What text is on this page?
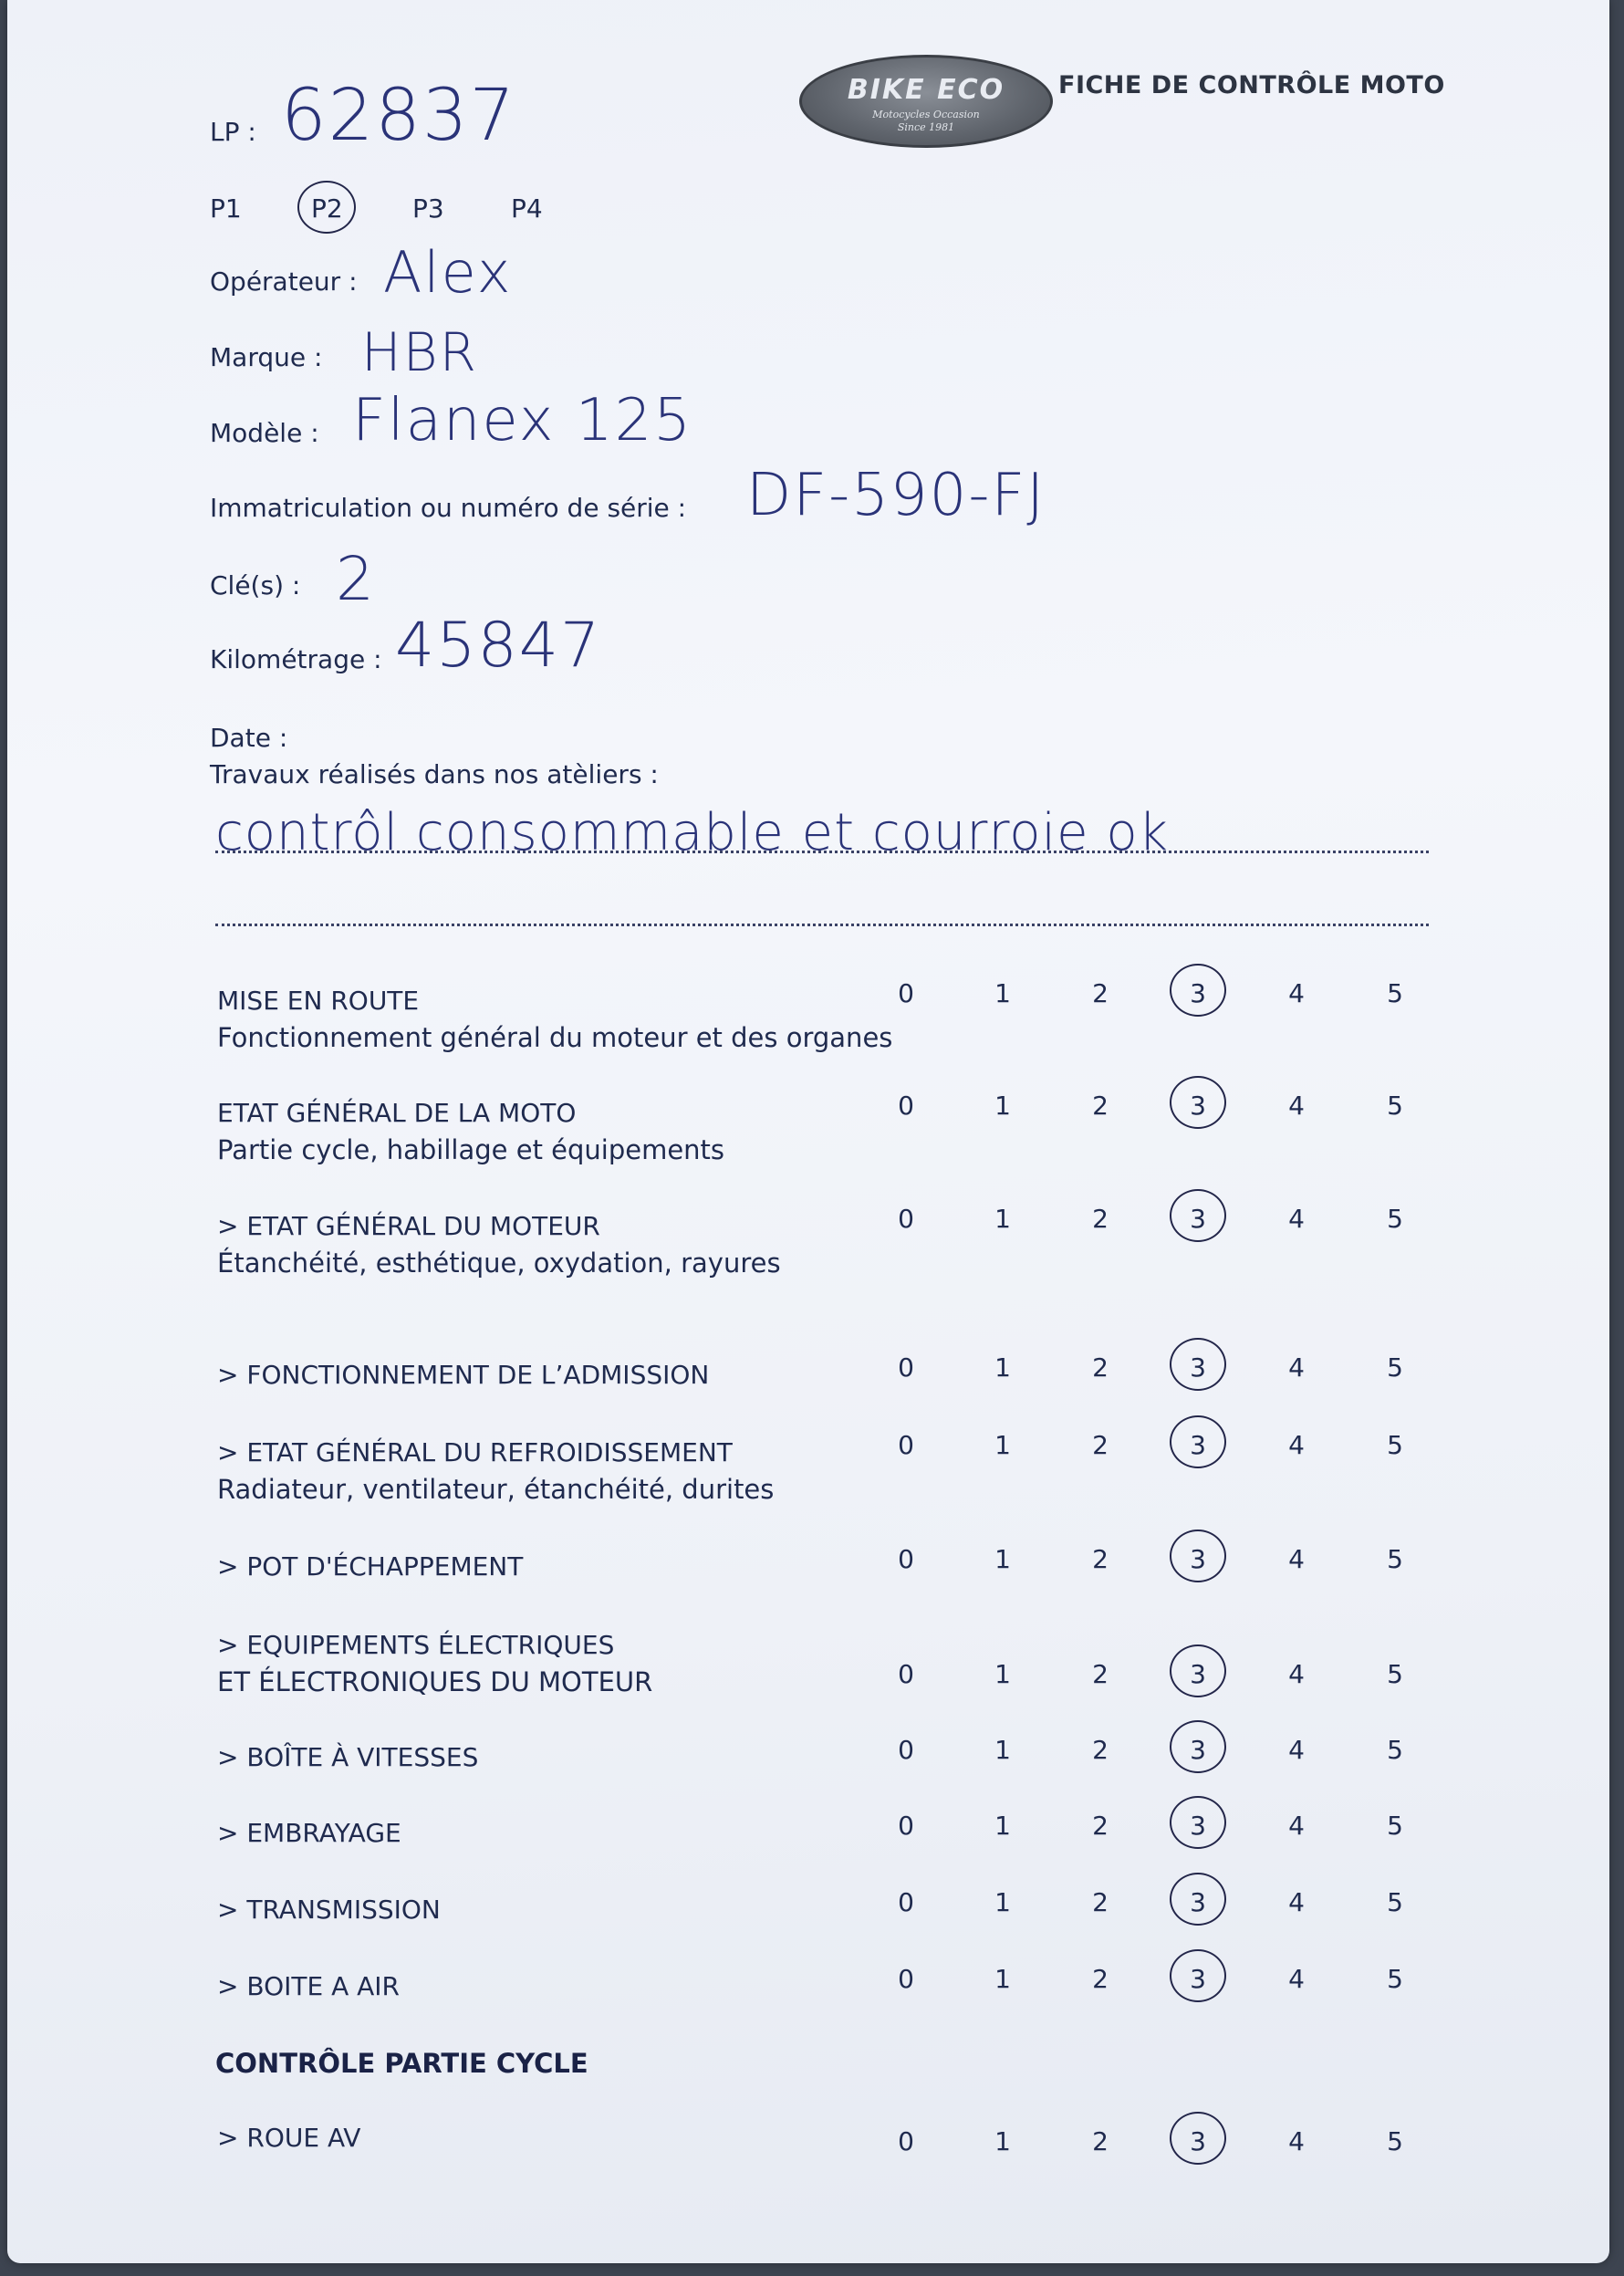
BIKE ECO
Motocycles Occasion
Since 1981
FICHE DE CONTRÔLE MOTO
LP : 62837
P1	P2	P3	P4
Opérateur : Alex
Marque : HBR
Modèle : Flanex 125
Immatriculation ou numéro de série : DF-590-FJ
Clé(s) : 2
Kilométrage : 45847
Date :
Travaux réalisés dans nos atèliers :
contrôl consommable et courroie ok
MISE EN ROUTE
Fonctionnement général du moteur et des organes
0	1	2	3	4	5
ETAT GÉNÉRAL DE LA MOTO
Partie cycle, habillage et équipements
0	1	2	3	4	5
> ETAT GÉNÉRAL DU MOTEUR
Étanchéité, esthétique, oxydation, rayures
0	1	2	3	4	5
> FONCTIONNEMENT DE L’ADMISSION	0	1	2	3	4	5
> ETAT GÉNÉRAL DU REFROIDISSEMENT
Radiateur, ventilateur, étanchéité, durites
0	1	2	3	4	5
> POT D'ÉCHAPPEMENT	0	1	2	3	4	5
> EQUIPEMENTS ÉLECTRIQUES
ET ÉLECTRONIQUES DU MOTEUR	0	1	2	3	4	5
> BOÎTE À VITESSES	0	1	2	3	4	5
> EMBRAYAGE	0	1	2	3	4	5
> TRANSMISSION	0	1	2	3	4	5
> BOITE A AIR	0	1	2	3	4	5
CONTRÔLE PARTIE CYCLE
> ROUE AV	0	1	2	3	4	5
